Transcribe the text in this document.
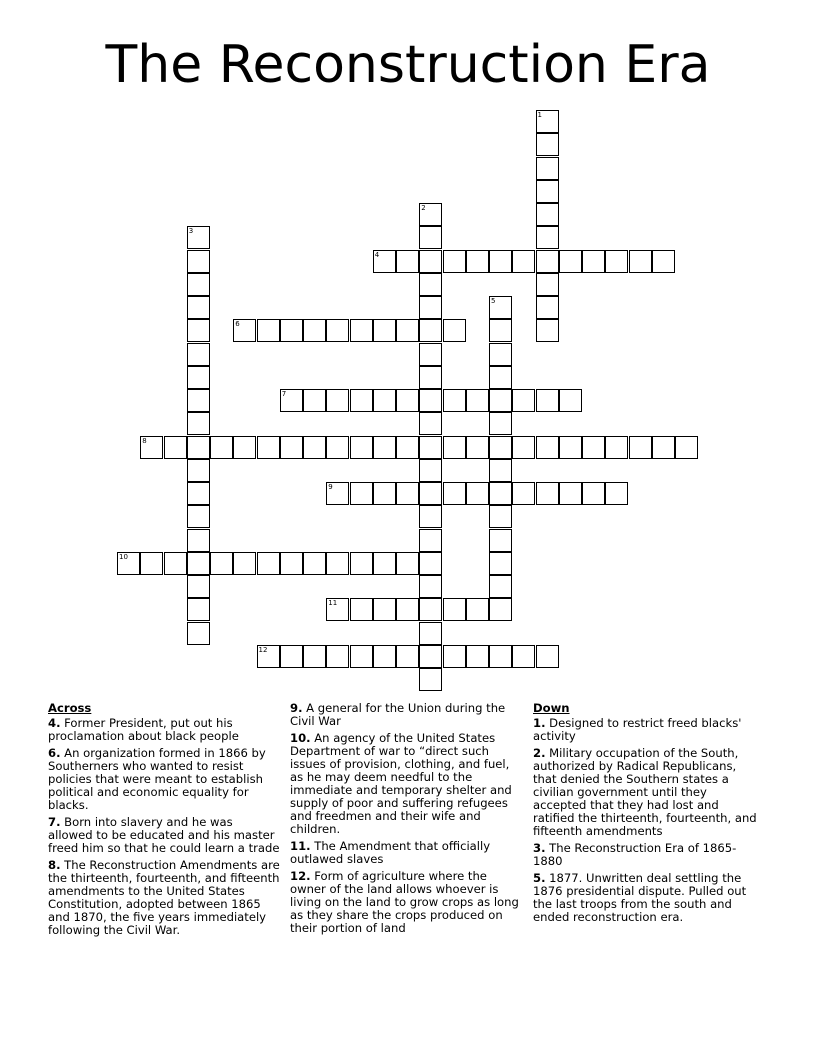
The Reconstruction Era
1
2
3
4
5
6
7
8
9
10
11
12
Across
4. Former President, put out his proclamation about black people
6. An organization formed in 1866 by Southerners who wanted to resist policies that were meant to establish political and economic equality for blacks.
7. Born into slavery and he was allowed to be educated and his master freed him so that he could learn a trade
8. The Reconstruction Amendments are the thirteenth, fourteenth, and fifteenth amendments to the United States Constitution, adopted between 1865 and 1870, the five years immediately following the Civil War.
9. A general for the Union during the Civil War
10. An agency of the United States Department of war to “direct such issues of provision, clothing, and fuel, as he may deem needful to the immediate and temporary shelter and supply of poor and suffering refugees and freedmen and their wife and children.
11. The Amendment that officially outlawed slaves
12. Form of agriculture where the owner of the land allows whoever is living on the land to grow crops as long as they share the crops produced on their portion of land
Down
1. Designed to restrict freed blacks' activity
2. Military occupation of the South, authorized by Radical Republicans, that denied the Southern states a civilian government until they accepted that they had lost and ratified the thirteenth, fourteenth, and fifteenth amendments
3. The Reconstruction Era of 1865-1880
5. 1877. Unwritten deal settling the 1876 presidential dispute. Pulled out the last troops from the south and ended reconstruction era.
